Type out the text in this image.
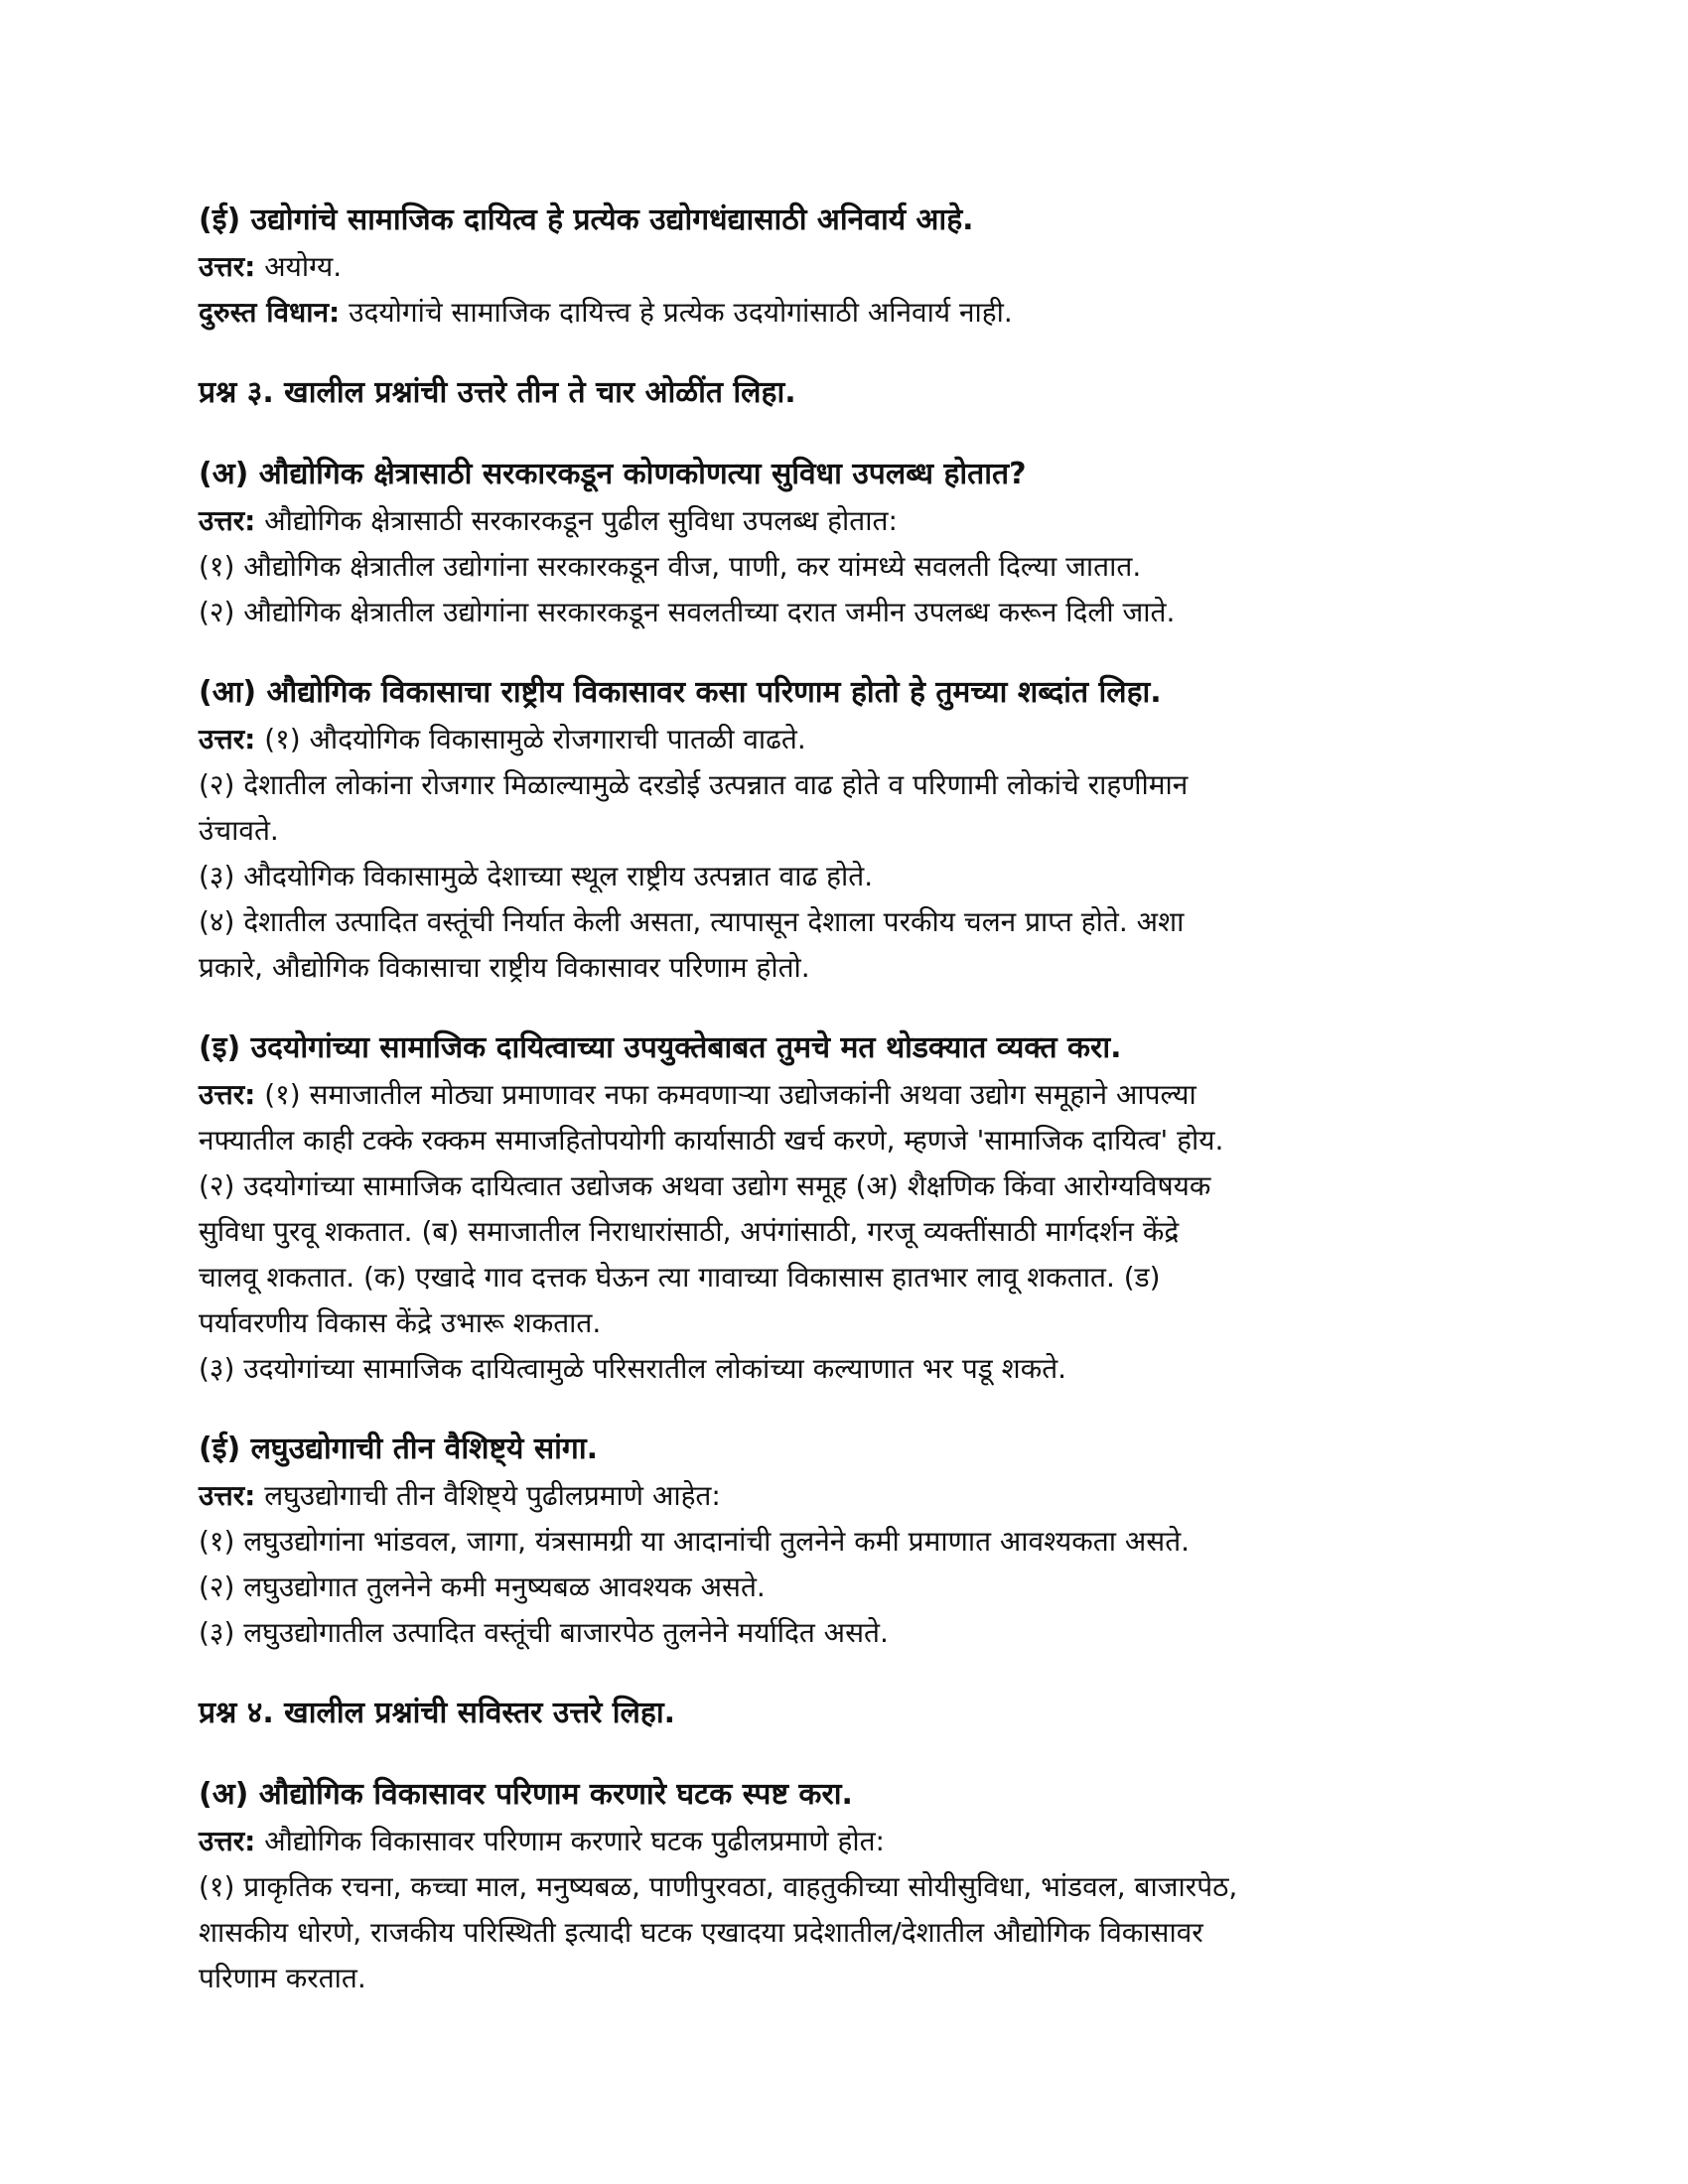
(ई) उद्योगांचे सामाजिक दायित्व हे प्रत्येक उद्योगधंद्यासाठी अनिवार्य आहे.

उत्तर: अयोग्य.

दुरुस्त विधान: उदयोगांचे सामाजिक दायित्त्व हे प्रत्येक उदयोगांसाठी अनिवार्य नाही.

प्रश्न ३. खालील प्रश्नांची उत्तरे तीन ते चार ओळींत लिहा.

(अ) औद्योगिक क्षेत्रासाठी सरकारकडून कोणकोणत्या सुविधा उपलब्ध होतात?

उत्तर: औद्योगिक क्षेत्रासाठी सरकारकडून पुढील सुविधा उपलब्ध होतात:

(१) औद्योगिक क्षेत्रातील उद्योगांना सरकारकडून वीज, पाणी, कर यांमध्ये सवलती दिल्या जातात.

(२) औद्योगिक क्षेत्रातील उद्योगांना सरकारकडून सवलतीच्या दरात जमीन उपलब्ध करून दिली जाते.

(आ) औद्योगिक विकासाचा राष्ट्रीय विकासावर कसा परिणाम होतो हे तुमच्या शब्दांत लिहा.

उत्तर: (१) औदयोगिक विकासामुळे रोजगाराची पातळी वाढते.

(२) देशातील लोकांना रोजगार मिळाल्यामुळे दरडोई उत्पन्नात वाढ होते व परिणामी लोकांचे राहणीमान

उंचावते.

(३) औदयोगिक विकासामुळे देशाच्या स्थूल राष्ट्रीय उत्पन्नात वाढ होते.

(४) देशातील उत्पादित वस्तूंची निर्यात केली असता, त्यापासून देशाला परकीय चलन प्राप्त होते. अशा

प्रकारे, औद्योगिक विकासाचा राष्ट्रीय विकासावर परिणाम होतो.

(इ) उदयोगांच्या सामाजिक दायित्वाच्या उपयुक्तेबाबत तुमचे मत थोडक्यात व्यक्त करा.

उत्तर: (१) समाजातील मोठ्या प्रमाणावर नफा कमवणाऱ्या उद्योजकांनी अथवा उद्योग समूहाने आपल्या

नफ्यातील काही टक्के रक्कम समाजहितोपयोगी कार्यासाठी खर्च करणे, म्हणजे 'सामाजिक दायित्व' होय.

(२) उदयोगांच्या सामाजिक दायित्वात उद्योजक अथवा उद्योग समूह (अ) शैक्षणिक किंवा आरोग्यविषयक

सुविधा पुरवू शकतात. (ब) समाजातील निराधारांसाठी, अपंगांसाठी, गरजू व्यक्तींसाठी मार्गदर्शन केंद्रे

चालवू शकतात. (क) एखादे गाव दत्तक घेऊन त्या गावाच्या विकासास हातभार लावू शकतात. (ड)

पर्यावरणीय विकास केंद्रे उभारू शकतात.

(३) उदयोगांच्या सामाजिक दायित्वामुळे परिसरातील लोकांच्या कल्याणात भर पडू शकते.

(ई) लघुउद्योगाची तीन वैशिष्ट्ये सांगा.

उत्तर: लघुउद्योगाची तीन वैशिष्ट्ये पुढीलप्रमाणे आहेत:

(१) लघुउद्योगांना भांडवल, जागा, यंत्रसामग्री या आदानांची तुलनेने कमी प्रमाणात आवश्यकता असते.

(२) लघुउद्योगात तुलनेने कमी मनुष्यबळ आवश्यक असते.

(३) लघुउद्योगातील उत्पादित वस्तूंची बाजारपेठ तुलनेने मर्यादित असते.

प्रश्न ४. खालील प्रश्नांची सविस्तर उत्तरे लिहा.

(अ) औद्योगिक विकासावर परिणाम करणारे घटक स्पष्ट करा.

उत्तर: औद्योगिक विकासावर परिणाम करणारे घटक पुढीलप्रमाणे होत:

(१) प्राकृतिक रचना, कच्चा माल, मनुष्यबळ, पाणीपुरवठा, वाहतुकीच्या सोयीसुविधा, भांडवल, बाजारपेठ,

शासकीय धोरणे, राजकीय परिस्थिती इत्यादी घटक एखादया प्रदेशातील/देशातील औद्योगिक विकासावर

परिणाम करतात.
